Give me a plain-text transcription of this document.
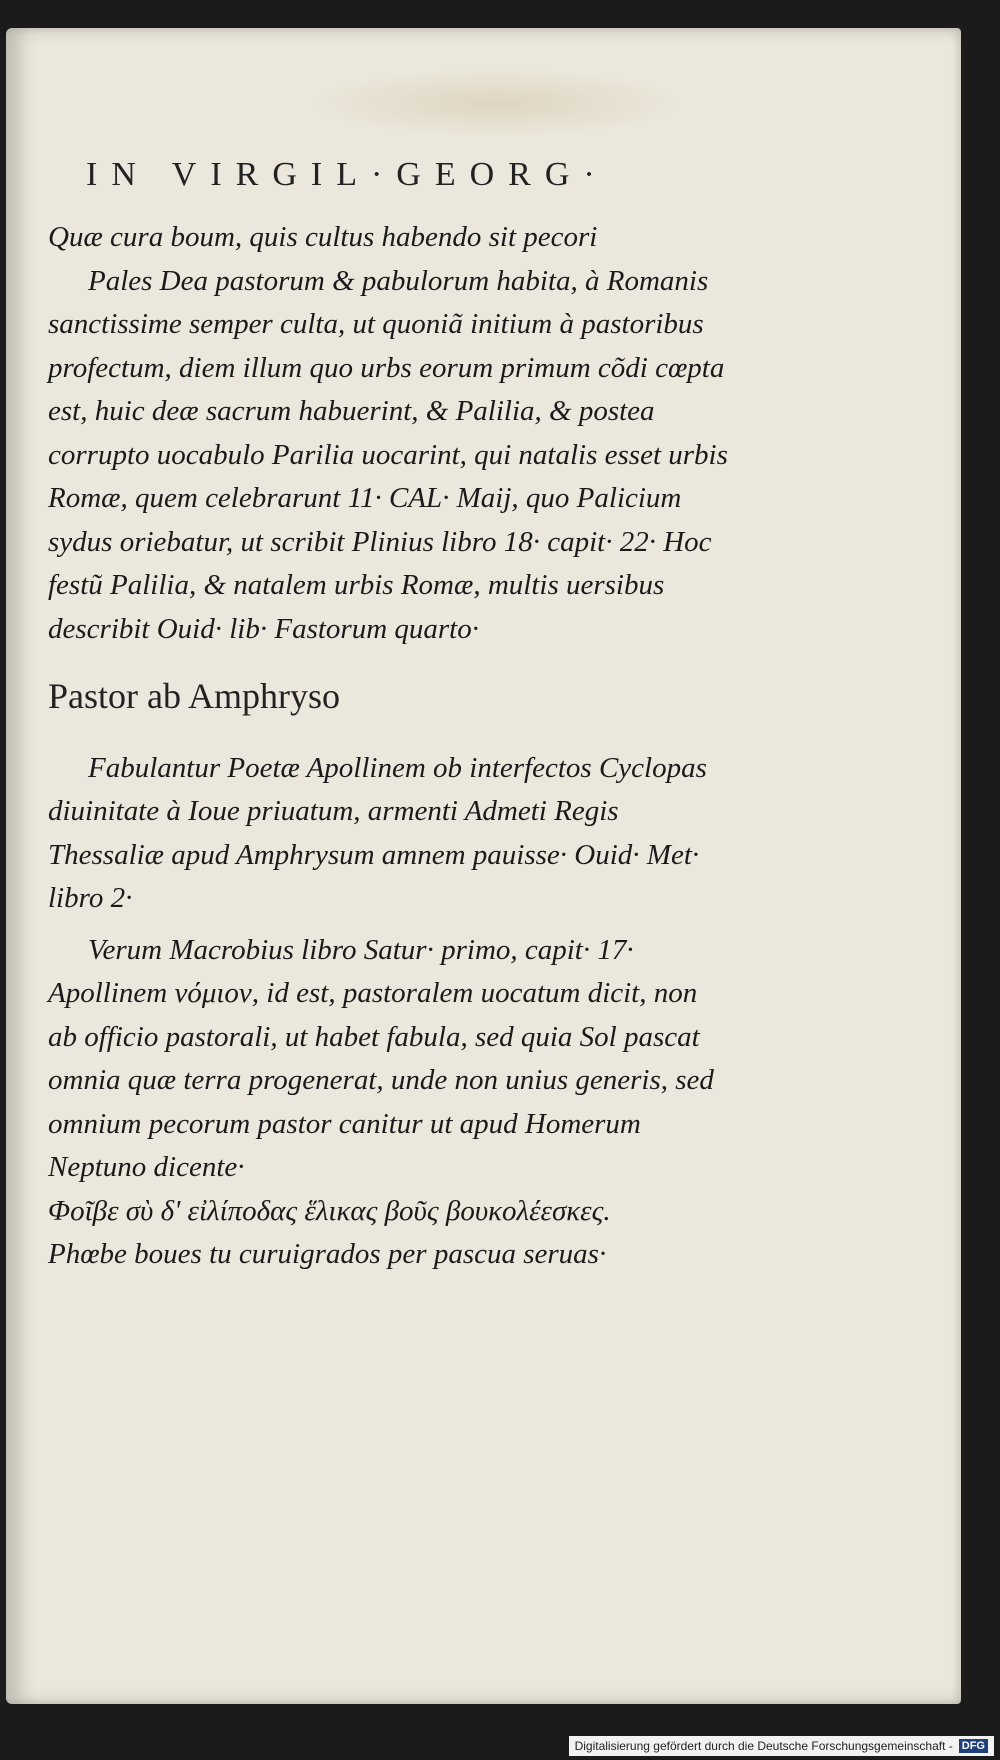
IN VIRGIL·GEORG·

Quæ cura boum, quis cultus habendo sit pecori

Pales Dea pastorum & pabulorum habita, à Romanis sanctissime semper culta, ut quoniã initium à pastoribus profectum, diem illum quo urbs eorum primum cõdi cœpta est, huic deæ sacrum habuerint, & Palilia, & postea corrupto uocabulo Parilia uocarint, qui natalis esset urbis Romæ, quem celebrarunt 11· CAL· Maij, quo Palicium sydus oriebatur, ut scribit Plinius libro 18· capit· 22· Hoc festũ Palilia, & natalem urbis Romæ, multis uersibus describit Ouid· lib· Fastorum quarto·

Pastor ab Amphryso

Fabulantur Poetæ Apollinem ob interfectos Cyclopas diuinitate à Ioue priuatum, armenti Admeti Regis Thessaliæ apud Amphrysum amnem pauisse· Ouid· Met· libro 2·

Verum Macrobius libro Satur· primo, capit· 17· Apollinem νόμιον, id est, pastoralem uocatum dicit, non ab officio pastorali, ut habet fabula, sed quia Sol pascat omnia quæ terra progenerat, unde non unius generis, sed omnium pecorum pastor canitur ut apud Homerum Neptuno dicente·

Φοῖβε σὺ δ' εἰλίποδας ἕλικας βοῦς βουκολέεσκες.

Phœbe boues tu curuigrados per pascua seruas·

Digitalisierung gefördert durch die Deutsche Forschungsgemeinschaft - DFG
